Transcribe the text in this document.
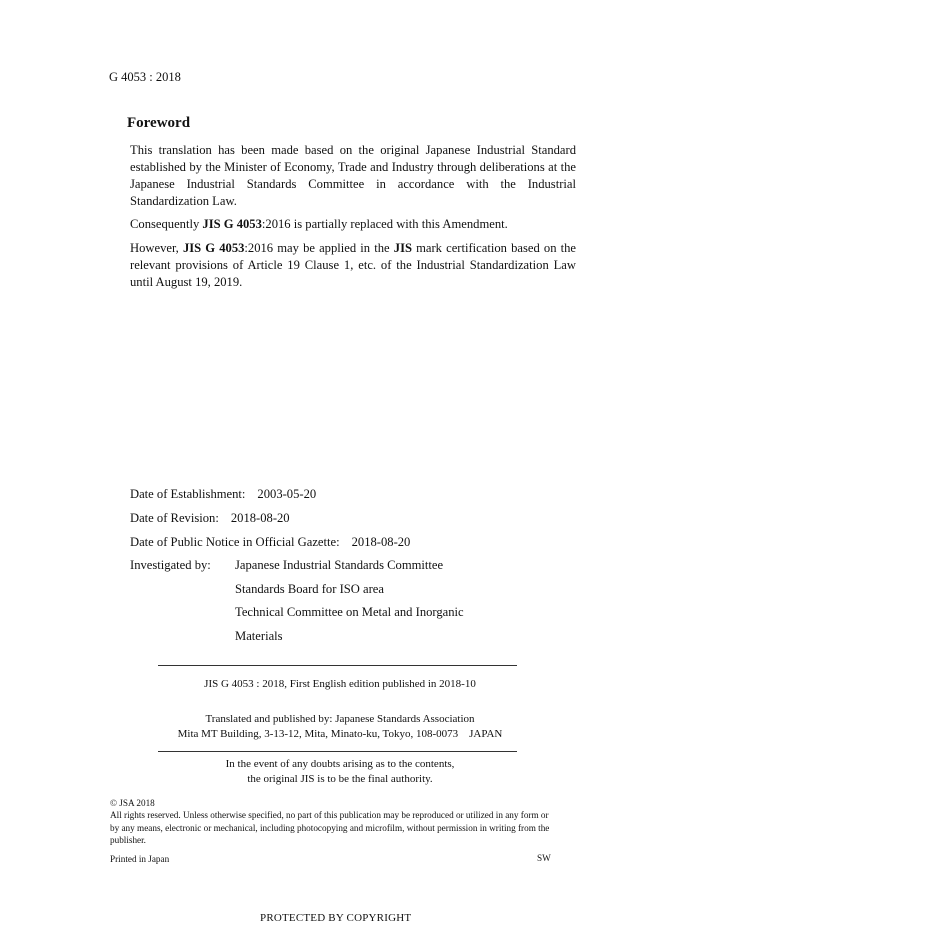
G 4053 : 2018
Foreword

This translation has been made based on the original Japanese Industrial Standard established by the Minister of Economy, Trade and Industry through deliberations at the Japanese Industrial Standards Committee in accordance with the Industrial Standardization Law.

Consequently JIS G 4053:2016 is partially replaced with this Amendment.

However, JIS G 4053:2016 may be applied in the JIS mark certification based on the relevant provisions of Article 19 Clause 1, etc. of the Industrial Standardization Law until August 19, 2019.

Date of Establishment: 2003-05-20
Date of Revision: 2018-08-20
Date of Public Notice in Official Gazette: 2018-08-20
Investigated by: Japanese Industrial Standards Committee
Standards Board for ISO area
Technical Committee on Metal and Inorganic
Materials
JIS G 4053 : 2018, First English edition published in 2018-10
Translated and published by: Japanese Standards Association
Mita MT Building, 3-13-12, Mita, Minato-ku, Tokyo, 108-0073 JAPAN
In the event of any doubts arising as to the contents,
the original JIS is to be the final authority.
© JSA 2018
All rights reserved. Unless otherwise specified, no part of this publication may be reproduced or utilized in any form or by any means, electronic or mechanical, including photocopying and microfilm, without permission in writing from the publisher.
Printed in Japan	SW
PROTECTED BY COPYRIGHT
